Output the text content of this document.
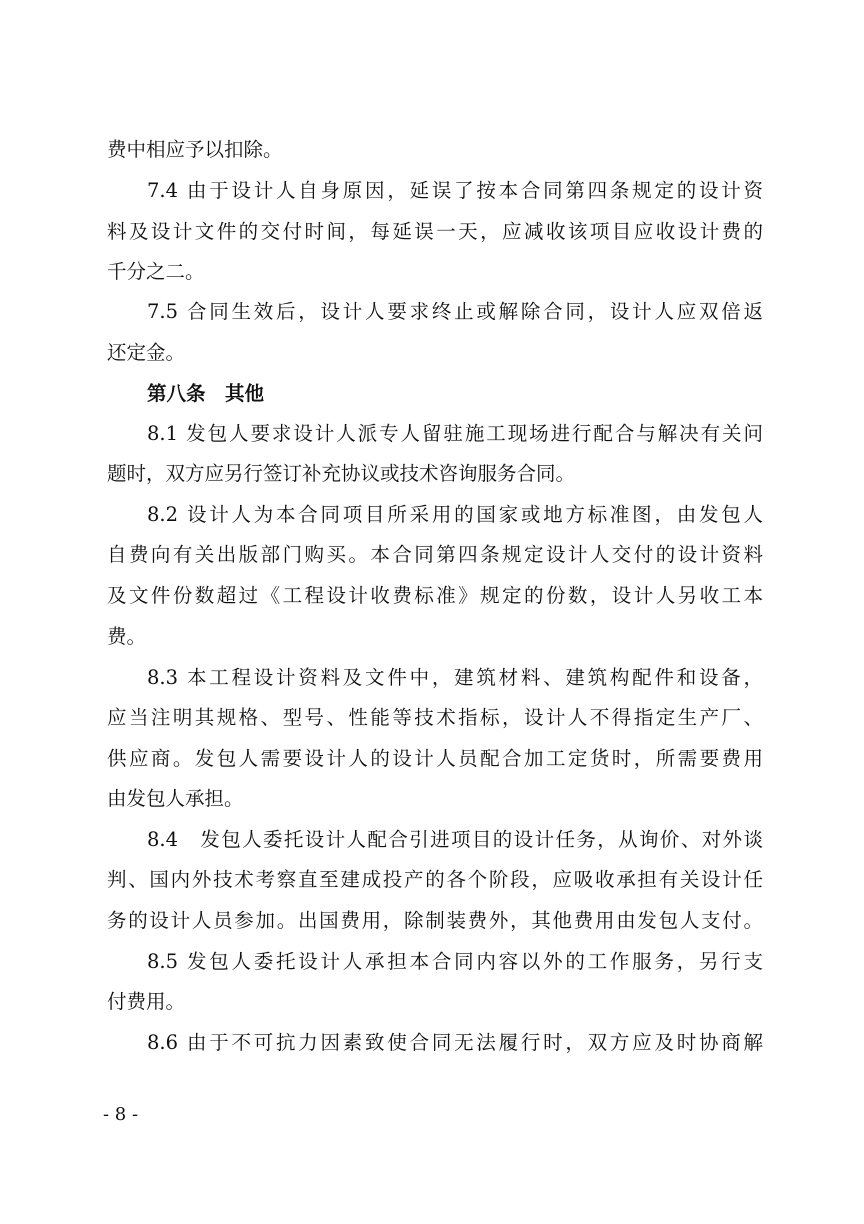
费中相应予以扣除。
7.4 由于设计人自身原因，延误了按本合同第四条规定的设计资
料及设计文件的交付时间，每延误一天，应减收该项目应收设计费的
千分之二。
7.5 合同生效后，设计人要求终止或解除合同，设计人应双倍返
还定金。
第八条　其他
8.1 发包人要求设计人派专人留驻施工现场进行配合与解决有关问
题时，双方应另行签订补充协议或技术咨询服务合同。
8.2 设计人为本合同项目所采用的国家或地方标准图，由发包人
自费向有关出版部门购买。本合同第四条规定设计人交付的设计资料
及文件份数超过《工程设计收费标准》规定的份数，设计人另收工本
费。
8.3 本工程设计资料及文件中，建筑材料、建筑构配件和设备，
应当注明其规格、型号、性能等技术指标，设计人不得指定生产厂、
供应商。发包人需要设计人的设计人员配合加工定货时，所需要费用
由发包人承担。
8.4　发包人委托设计人配合引进项目的设计任务，从询价、对外谈
判、国内外技术考察直至建成投产的各个阶段，应吸收承担有关设计任
务的设计人员参加。出国费用，除制装费外，其他费用由发包人支付。
8.5 发包人委托设计人承担本合同内容以外的工作服务，另行支
付费用。
8.6 由于不可抗力因素致使合同无法履行时，双方应及时协商解
- 8 -
